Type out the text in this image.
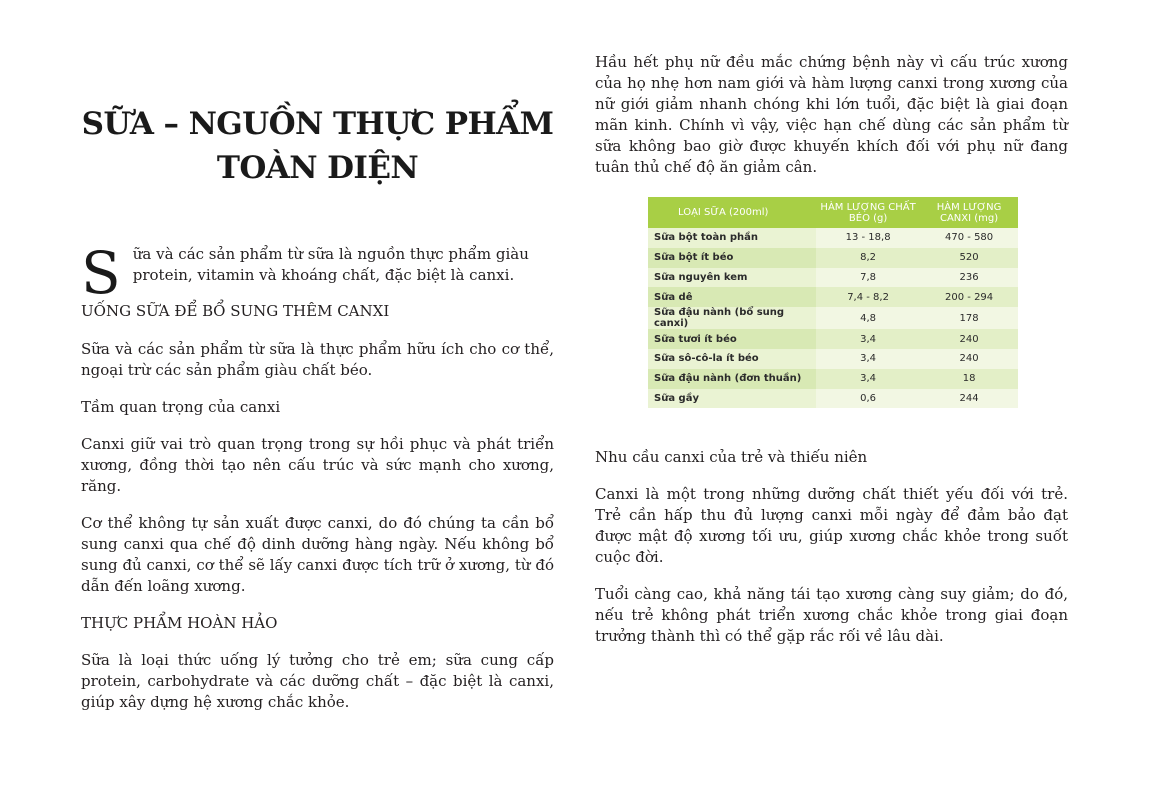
SỮA – NGUỒN THỰC PHẨM
TOÀN DIỆN
S ữa và các sản phẩm từ sữa là nguồn thực phẩm giàu protein, vitamin và khoáng chất, đặc biệt là canxi.

UỐNG SỮA ĐỂ BỔ SUNG THÊM CANXI

Sữa và các sản phẩm từ sữa là thực phẩm hữu ích cho cơ thể, ngoại trừ các sản phẩm giàu chất béo.

Tầm quan trọng của canxi

Canxi giữ vai trò quan trọng trong sự hồi phục và phát triển xương, đồng thời tạo nên cấu trúc và sức mạnh cho xương, răng.

Cơ thể không tự sản xuất được canxi, do đó chúng ta cần bổ sung canxi qua chế độ dinh dưỡng hàng ngày. Nếu không bổ sung đủ canxi, cơ thể sẽ lấy canxi được tích trữ ở xương, từ đó dẫn đến loãng xương.

THỰC PHẨM HOÀN HẢO

Sữa là loại thức uống lý tưởng cho trẻ em; sữa cung cấp protein, carbohydrate và các dưỡng chất – đặc biệt là canxi, giúp xây dựng hệ xương chắc khỏe.

Hầu hết phụ nữ đều mắc chứng bệnh này vì cấu trúc xương của họ nhẹ hơn nam giới và hàm lượng canxi trong xương của nữ giới giảm nhanh chóng khi lớn tuổi, đặc biệt là giai đoạn mãn kinh. Chính vì vậy, việc hạn chế dùng các sản phẩm từ sữa không bao giờ được khuyến khích đối với phụ nữ đang tuân thủ chế độ ăn giảm cân.

LOẠI SỮA (200ml)	HÀM LƯỢNG CHẤT BÉO (g)	HÀM LƯỢNG CANXI (mg)
Sữa bột toàn phần	13 - 18,8	470 - 580
Sữa bột ít béo	8,2	520
Sữa nguyên kem	7,8	236
Sữa dê	7,4 - 8,2	200 - 294
Sữa đậu nành (bổ sung canxi)	4,8	178
Sữa tươi ít béo	3,4	240
Sữa sô-cô-la ít béo	3,4	240
Sữa đậu nành (đơn thuần)	3,4	18
Sữa gầy	0,6	244

Nhu cầu canxi của trẻ và thiếu niên

Canxi là một trong những dưỡng chất thiết yếu đối với trẻ. Trẻ cần hấp thu đủ lượng canxi mỗi ngày để đảm bảo đạt được mật độ xương tối ưu, giúp xương chắc khỏe trong suốt cuộc đời.

Tuổi càng cao, khả năng tái tạo xương càng suy giảm; do đó, nếu trẻ không phát triển xương chắc khỏe trong giai đoạn trưởng thành thì có thể gặp rắc rối về lâu dài.
